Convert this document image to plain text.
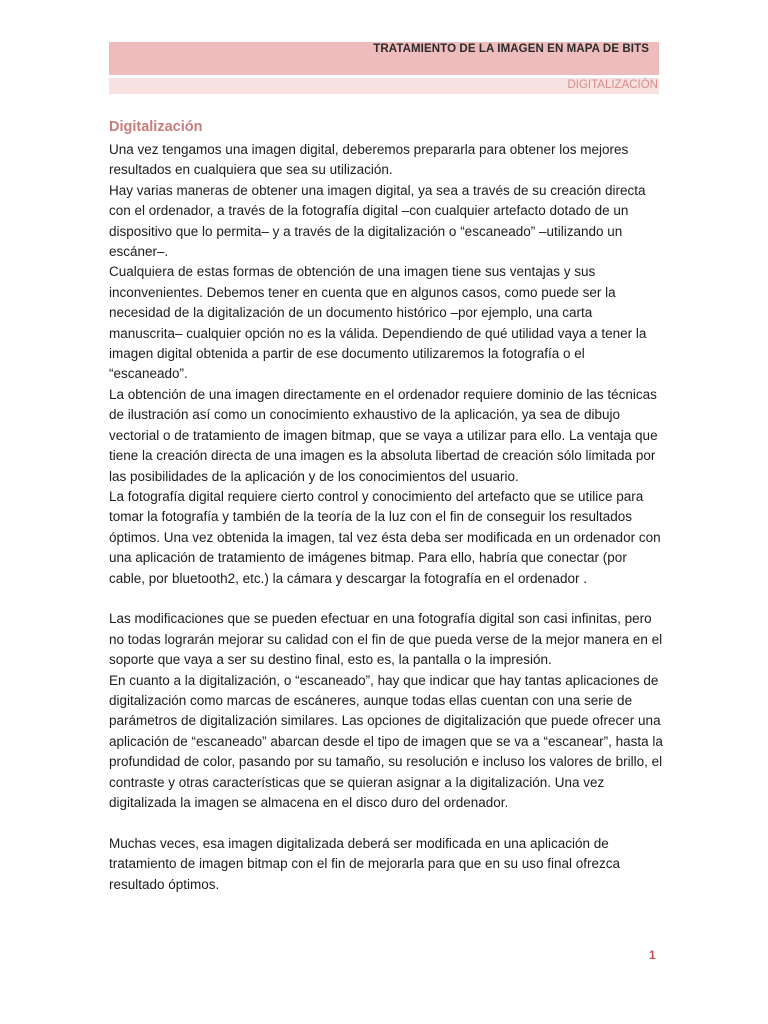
TRATAMIENTO DE LA IMAGEN EN MAPA DE BITS
DIGITALIZACIÓN
Digitalización

Una vez tengamos una imagen digital, deberemos prepararla para obtener los mejores resultados en cualquiera que sea su utilización.

Hay varias maneras de obtener una imagen digital, ya sea a través de su creación directa con el ordenador, a través de la fotografía digital –con cualquier artefacto dotado de un dispositivo que lo permita– y a través de la digitalización o “escaneado” –utilizando un escáner–.

Cualquiera de estas formas de obtención de una imagen tiene sus ventajas y sus inconvenientes. Debemos tener en cuenta que en algunos casos, como puede ser la necesidad de la digitalización de un documento histórico –por ejemplo, una carta manuscrita– cualquier opción no es la válida. Dependiendo de qué utilidad vaya a tener la imagen digital obtenida a partir de ese documento utilizaremos la fotografía o el “escaneado”.

La obtención de una imagen directamente en el ordenador requiere dominio de las técnicas de ilustración así como un conocimiento exhaustivo de la aplicación, ya sea de dibujo vectorial o de tratamiento de imagen bitmap, que se vaya a utilizar para ello. La ventaja que tiene la creación directa de una imagen es la absoluta libertad de creación sólo limitada por las posibilidades de la aplicación y de los conocimientos del usuario.

La fotografía digital requiere cierto control y conocimiento del artefacto que se utilice para tomar la fotografía y también de la teoría de la luz con el fin de conseguir los resultados óptimos. Una vez obtenida la imagen, tal vez ésta deba ser modificada en un ordenador con una aplicación de tratamiento de imágenes bitmap. Para ello, habría que conectar (por cable, por bluetooth2, etc.) la cámara y descargar la fotografía en el ordenador .

Las modificaciones que se pueden efectuar en una fotografía digital son casi infinitas, pero no todas lograrán mejorar su calidad con el fin de que pueda verse de la mejor manera en el soporte que vaya a ser su destino final, esto es, la pantalla o la impresión.

En cuanto a la digitalización, o “escaneado”, hay que indicar que hay tantas aplicaciones de digitalización como marcas de escáneres, aunque todas ellas cuentan con una serie de parámetros de digitalización similares. Las opciones de digitalización que puede ofrecer una aplicación de “escaneado” abarcan desde el tipo de imagen que se va a “escanear”, hasta la profundidad de color, pasando por su tamaño, su resolución e incluso los valores de brillo, el contraste y otras características que se quieran asignar a la digitalización. Una vez digitalizada la imagen se almacena en el disco duro del ordenador.

Muchas veces, esa imagen digitalizada deberá ser modificada en una aplicación de tratamiento de imagen bitmap con el fin de mejorarla para que en su uso final ofrezca resultado óptimos.

1
